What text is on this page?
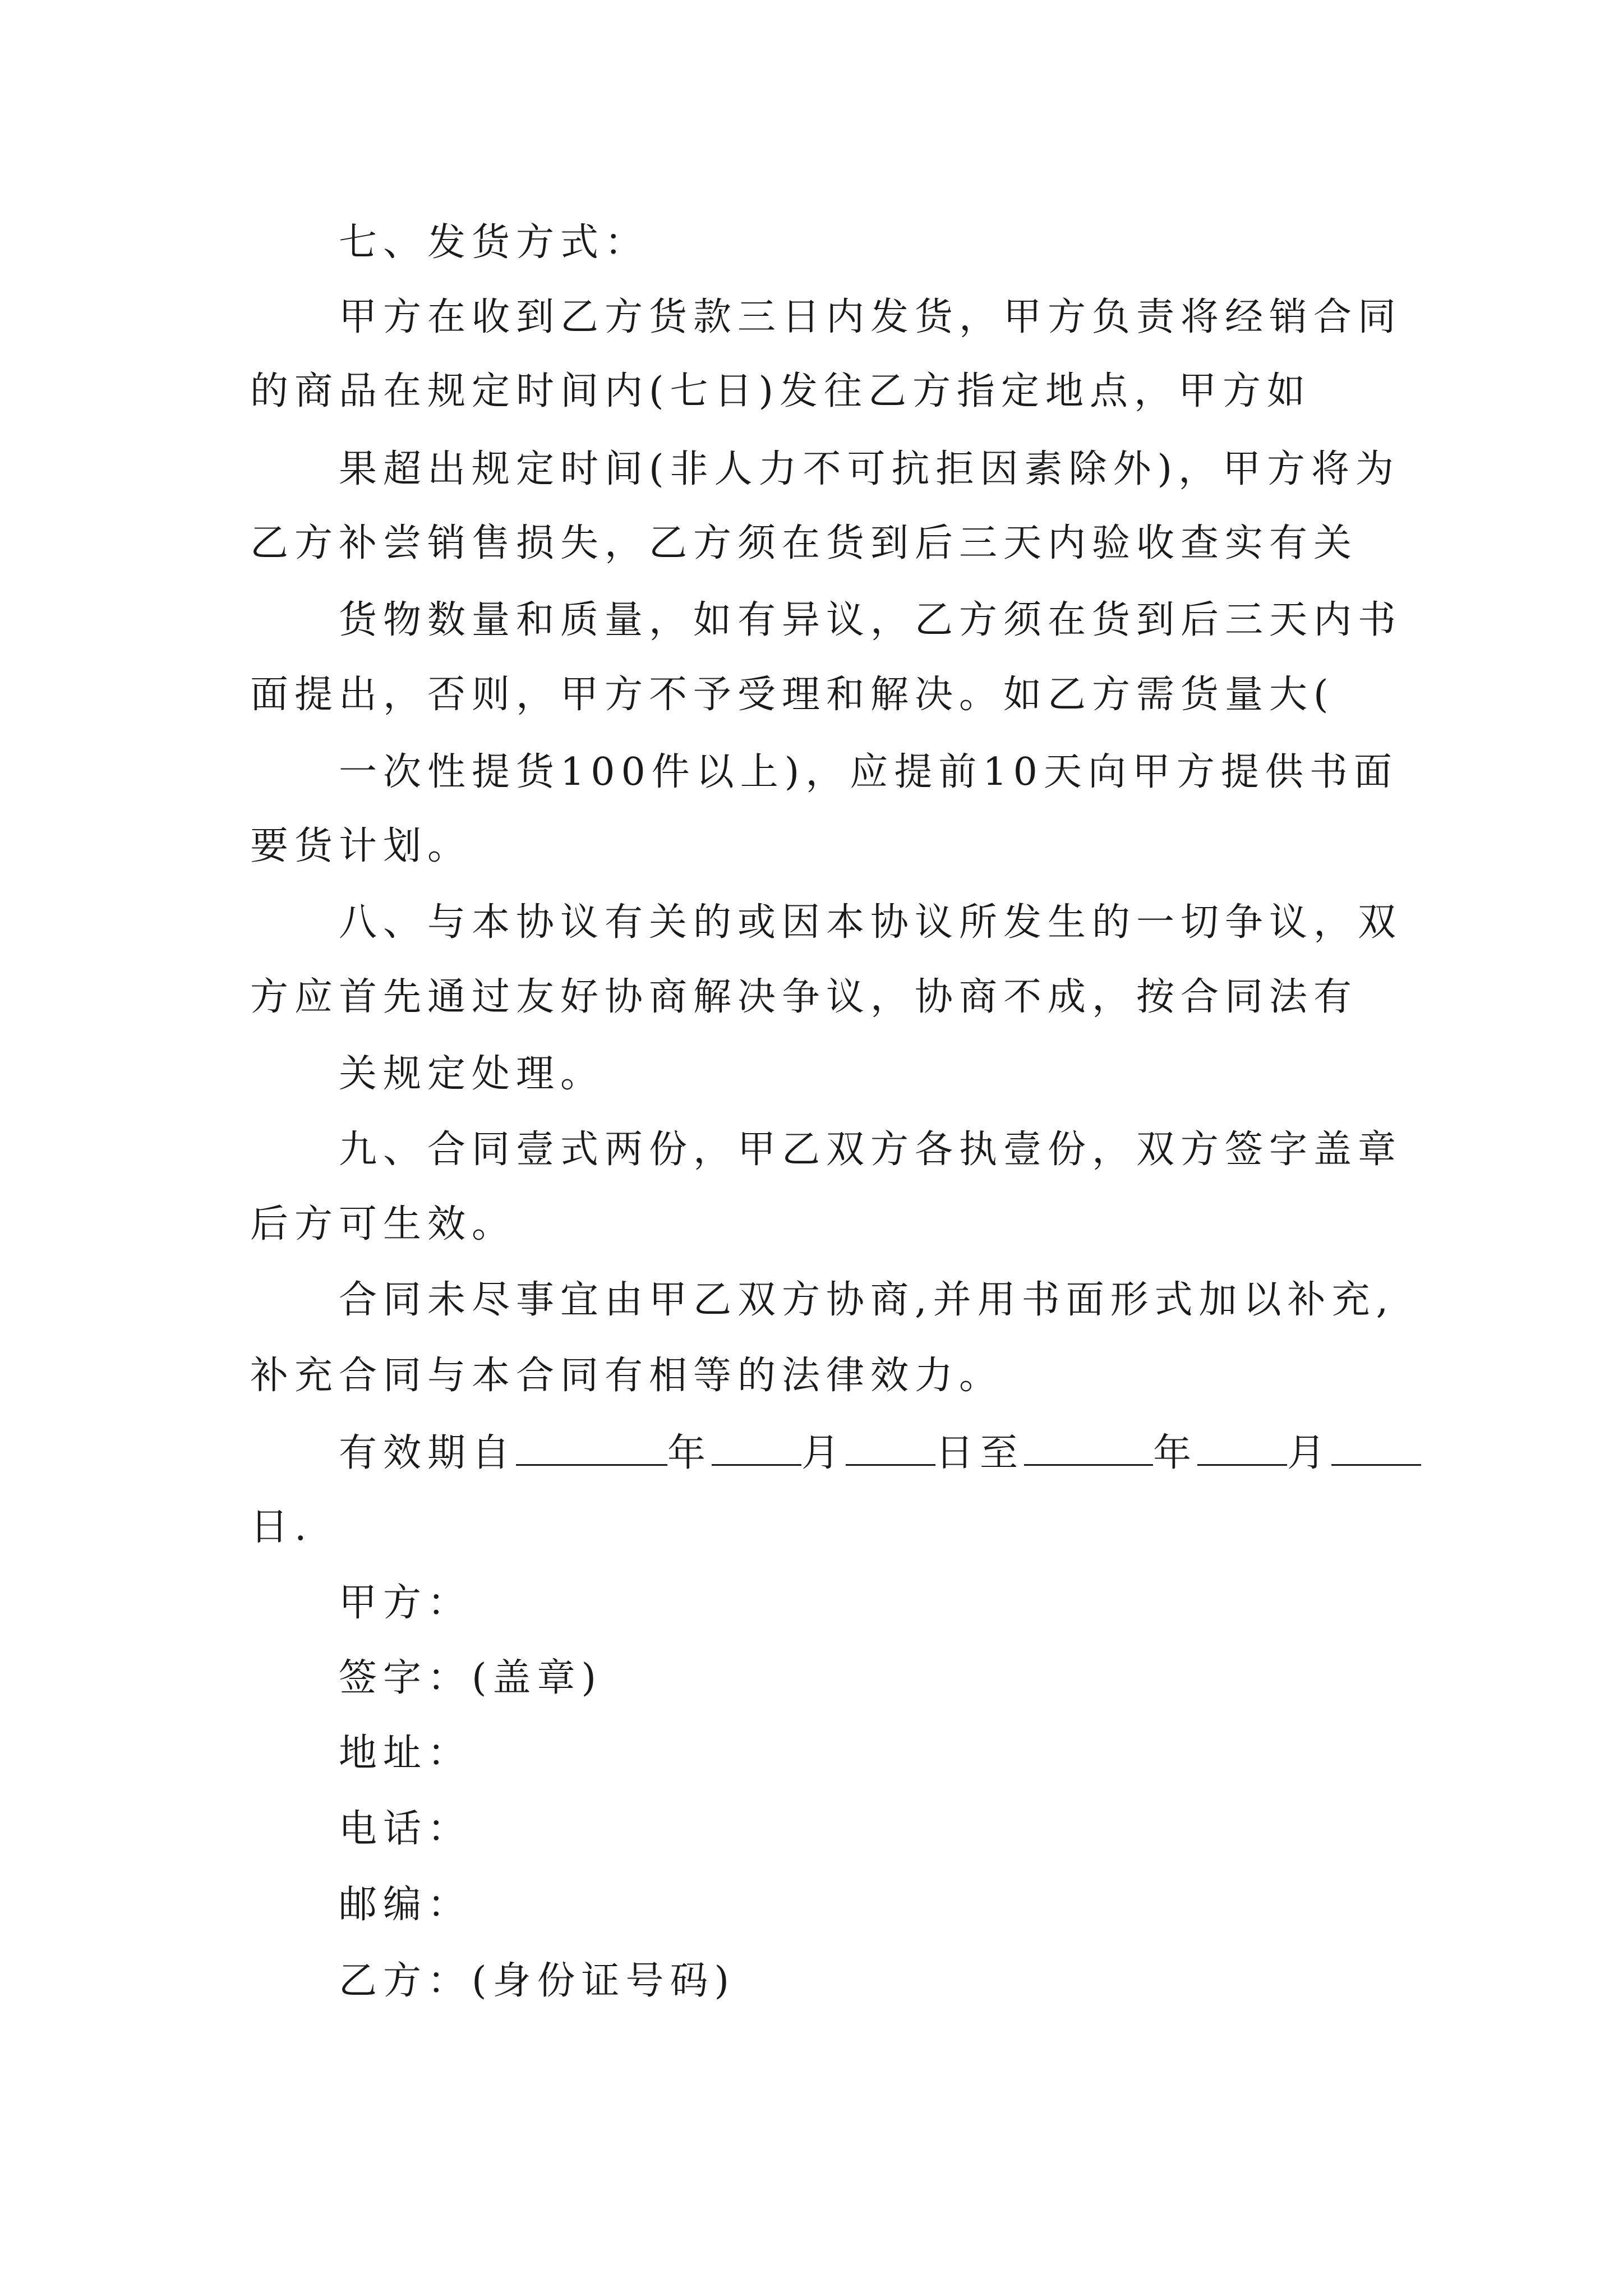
七、发货方式：
甲方在收到乙方货款三日内发货，甲方负责将经销合同
的商品在规定时间内(七日)发往乙方指定地点，甲方如
果超出规定时间(非人力不可抗拒因素除外)，甲方将为
乙方补尝销售损失，乙方须在货到后三天内验收查实有关
货物数量和质量，如有异议，乙方须在货到后三天内书
面提出，否则，甲方不予受理和解决。如乙方需货量大(
一次性提货100件以上)，应提前10天向甲方提供书面
要货计划。
八、与本协议有关的或因本协议所发生的一切争议，双
方应首先通过友好协商解决争议，协商不成，按合同法有
关规定处理。
九、合同壹式两份，甲乙双方各执壹份，双方签字盖章
后方可生效。
合同未尽事宜由甲乙双方协商,并用书面形式加以补充,
补充合同与本合同有相等的法律效力。
有效期自	年 月 日至	年 月
日.
甲方：
签字：(盖章)
地址：
电话：
邮编：
乙方：(身份证号码)
